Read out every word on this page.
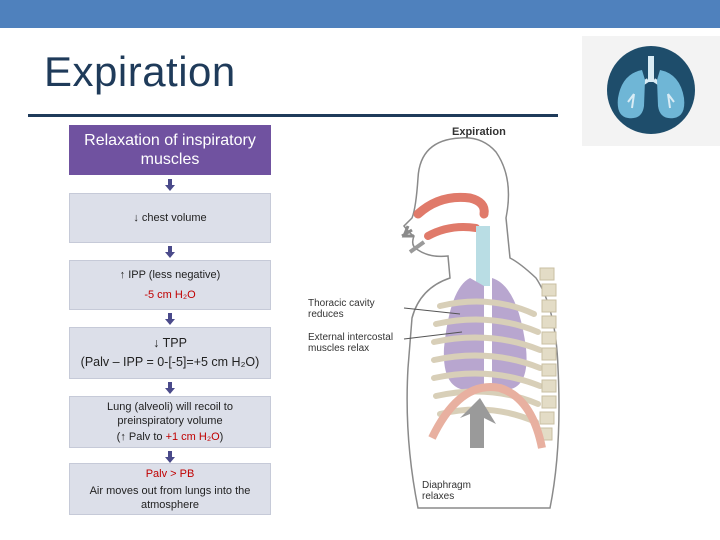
Expiration
Relaxation of inspiratory muscles
↓ chest volume
↑ IPP (less negative)
-5 cm H₂O
↓ TPP
(Palv – IPP = 0-[-5]=+5 cm H₂O)
Lung (alveoli) will recoil to preinspiratory volume
(↑ Palv to +1 cm H₂O)
Palv > PB
Air moves out from lungs into the atmosphere
Expiration
Thoracic cavity reduces
External intercostal muscles relax
Diaphragm relaxes
